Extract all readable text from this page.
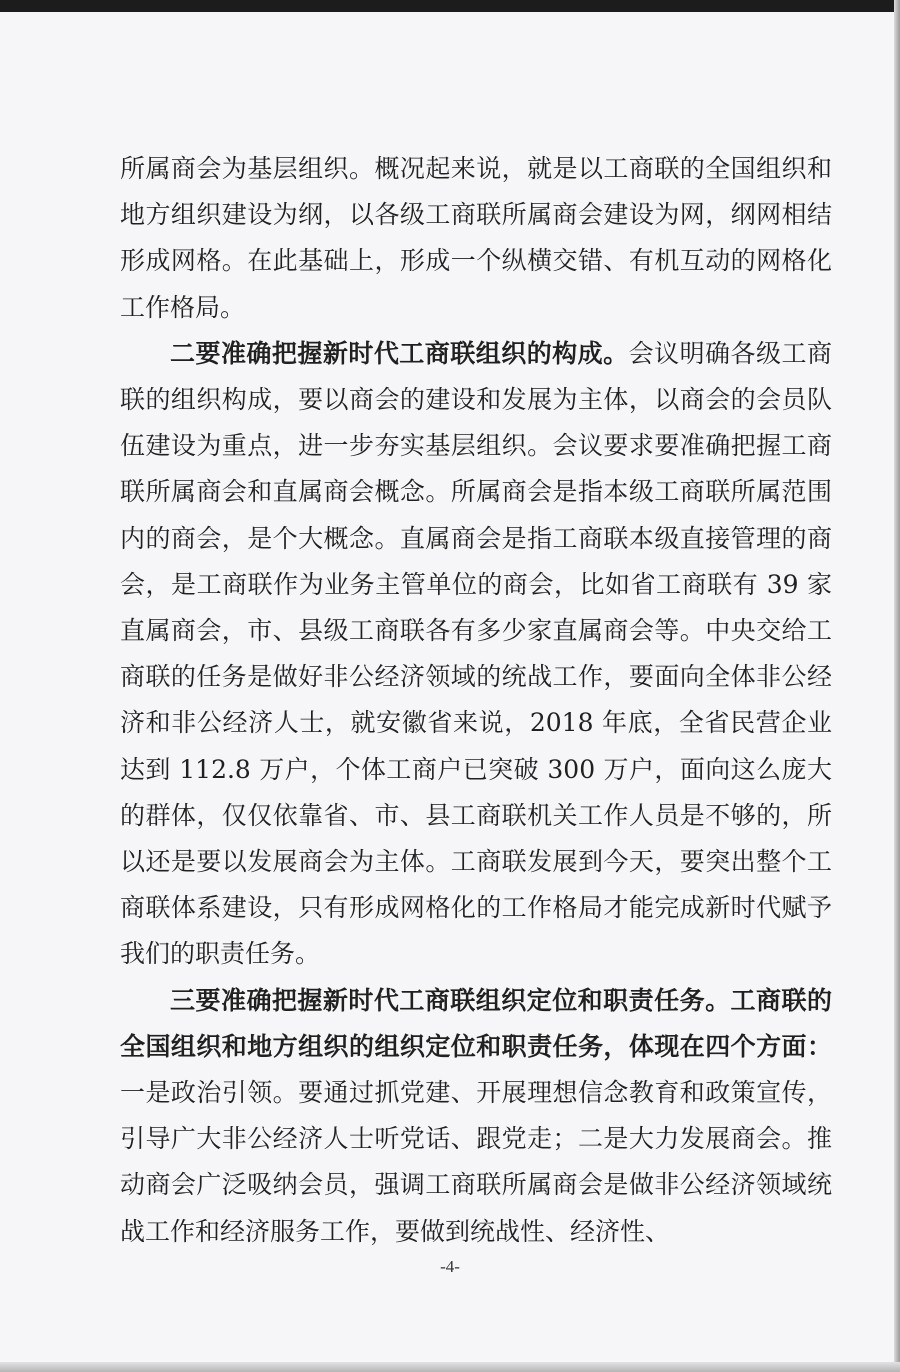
所属商会为基层组织。概况起来说，就是以工商联的全国组织和地方组织建设为纲，以各级工商联所属商会建设为网，纲网相结形成网格。在此基础上，形成一个纵横交错、有机互动的网格化工作格局。

二要准确把握新时代工商联组织的构成。会议明确各级工商联的组织构成，要以商会的建设和发展为主体，以商会的会员队伍建设为重点，进一步夯实基层组织。会议要求要准确把握工商联所属商会和直属商会概念。所属商会是指本级工商联所属范围内的商会，是个大概念。直属商会是指工商联本级直接管理的商会，是工商联作为业务主管单位的商会，比如省工商联有 39 家直属商会，市、县级工商联各有多少家直属商会等。中央交给工商联的任务是做好非公经济领域的统战工作，要面向全体非公经济和非公经济人士，就安徽省来说，2018 年底，全省民营企业达到 112.8 万户，个体工商户已突破 300 万户，面向这么庞大的群体，仅仅依靠省、市、县工商联机关工作人员是不够的，所以还是要以发展商会为主体。工商联发展到今天，要突出整个工商联体系建设，只有形成网格化的工作格局才能完成新时代赋予我们的职责任务。

三要准确把握新时代工商联组织定位和职责任务。工商联的全国组织和地方组织的组织定位和职责任务，体现在四个方面：一是政治引领。要通过抓党建、开展理想信念教育和政策宣传，引导广大非公经济人士听党话、跟党走；二是大力发展商会。推动商会广泛吸纳会员，强调工商联所属商会是做非公经济领域统战工作和经济服务工作，要做到统战性、经济性、

-4-
